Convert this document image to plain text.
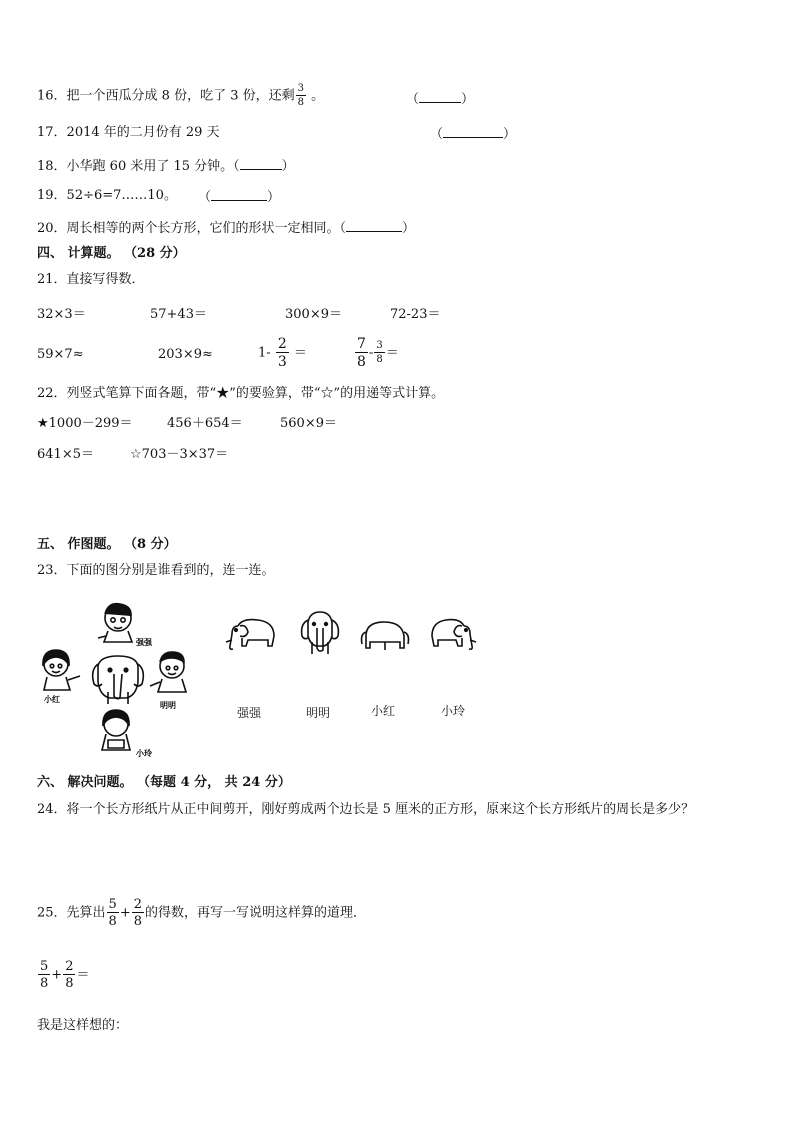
16．把一个西瓜分成 8 份，吃了 3 份，还剩 $\frac{3}{8}$ 。	（	）
17．2014 年的二月份有 29 天	（	）
18．小华跑 60 米用了 15 分钟。（	）
19．52÷6=7……10。 （	）
20．周长相等的两个长方形，它们的形状一定相同。（	）
四、 计算题。 （28 分）
21．直接写得数．
32×3＝	57+43＝	300×9＝	72-23＝
59×7≈	203×9≈	$1- \frac{2}{3}$ ＝	$\frac{7}{8} - \frac{3}{8}$ ＝
22．列竖式笔算下面各题，带“★”的要验算，带“☆”的用递等式计算。
★1000－299＝	456＋654＝	560×9＝
641×5＝	☆703－3×37＝
五、 作图题。 （8 分）
23．下面的图分别是谁看到的，连一连。
强强
小红
明明
小玲
强强	明明	小红	小玲
六、 解决问题。 （每题 4 分， 共 24 分）
24．将一个长方形纸片从正中间剪开，刚好剪成两个边长是 5 厘米的正方形，原来这个长方形纸片的周长是多少？
25．先算出 $\frac{5}{8} + \frac{2}{8}$ 的得数，再写一写说明这样算的道理．
$\frac{5}{8} + \frac{2}{8}$ ＝
我是这样想的：
